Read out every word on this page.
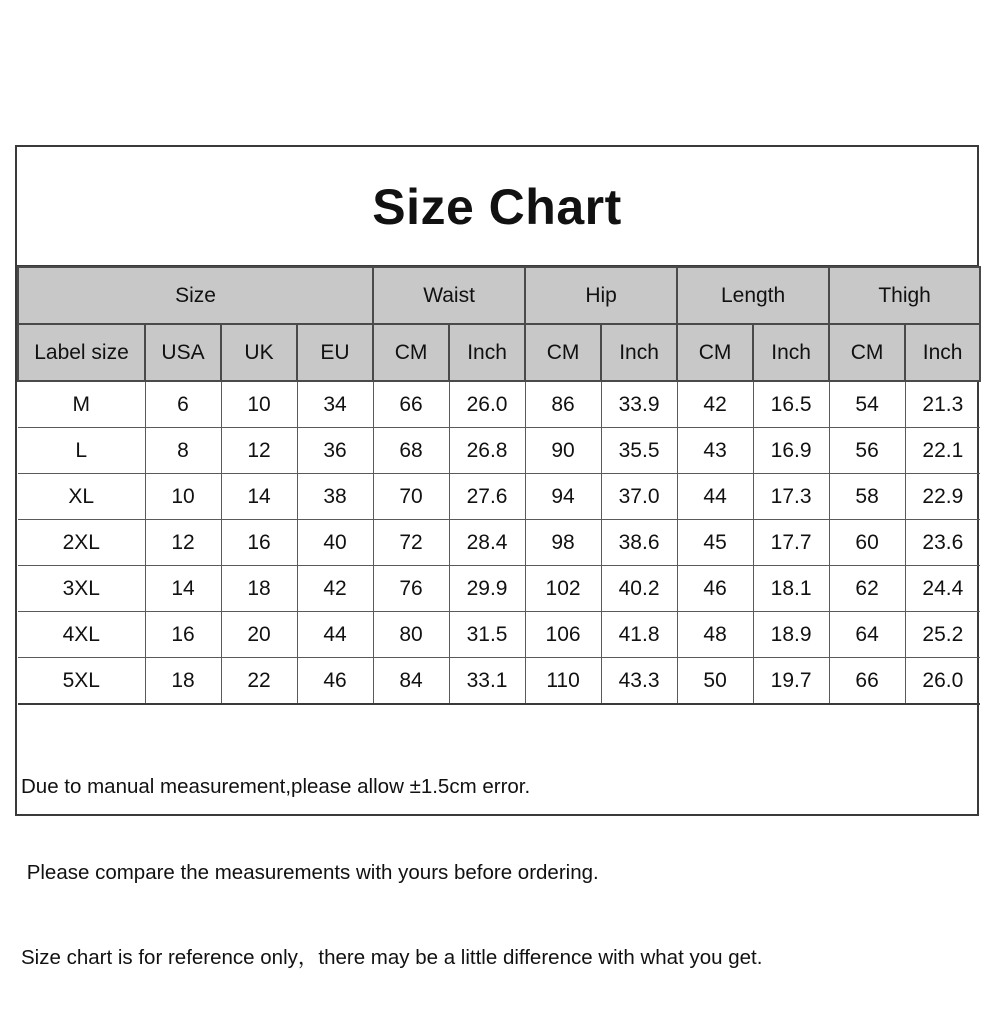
Size Chart
Size				Waist		Hip		Length		Thigh	
Label size	USA	UK	EU	CM	Inch	CM	Inch	CM	Inch	CM	Inch
M	6	10	34	66	26.0	86	33.9	42	16.5	54	21.3
L	8	12	36	68	26.8	90	35.5	43	16.9	56	22.1
XL	10	14	38	70	27.6	94	37.0	44	17.3	58	22.9
2XL	12	16	40	72	28.4	98	38.6	45	17.7	60	23.6
3XL	14	18	42	76	29.9	102	40.2	46	18.1	62	24.4
4XL	16	20	44	80	31.5	106	41.8	48	18.9	64	25.2
5XL	18	22	46	84	33.1	110	43.3	50	19.7	66	26.0

Due to manual measurement,please allow ±1.5cm error.

Please compare the measurements with yours before ordering.

Size chart is for reference only，there may be a little difference with what you get.
